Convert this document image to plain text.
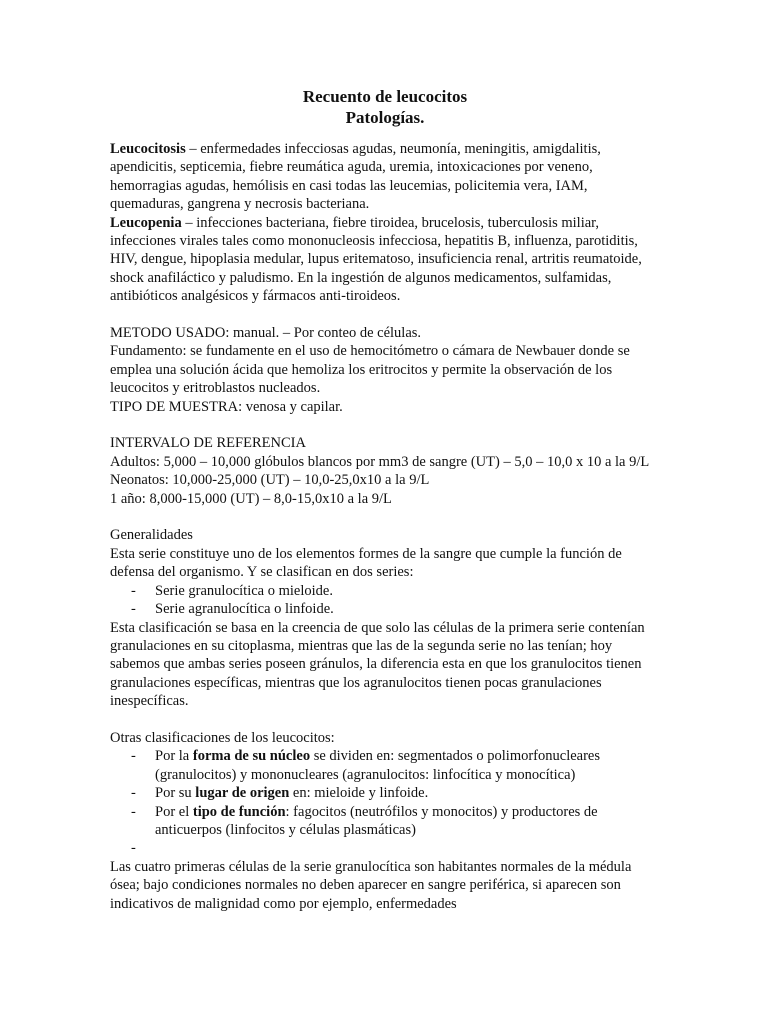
Recuento de leucocitos
Patologías.

Leucocitosis – enfermedades infecciosas agudas, neumonía, meningitis, amigdalitis, apendicitis, septicemia, fiebre reumática aguda, uremia, intoxicaciones por veneno, hemorragias agudas, hemólisis en casi todas las leucemias, policitemia vera, IAM, quemaduras, gangrena y necrosis bacteriana.

Leucopenia – infecciones bacteriana, fiebre tiroidea, brucelosis, tuberculosis miliar, infecciones virales tales como mononucleosis infecciosa, hepatitis B, influenza, parotiditis, HIV, dengue, hipoplasia medular, lupus eritematoso, insuficiencia renal, artritis reumatoide, shock anafiláctico y paludismo. En la ingestión de algunos medicamentos, sulfamidas, antibióticos analgésicos y fármacos anti-tiroideos.

METODO USADO: manual. – Por conteo de células.

Fundamento: se fundamente en el uso de hemocitómetro o cámara de Newbauer donde se emplea una solución ácida que hemoliza los eritrocitos y permite la observación de los leucocitos y eritroblastos nucleados.

TIPO DE MUESTRA: venosa y capilar.

INTERVALO DE REFERENCIA

Adultos: 5,000 – 10,000 glóbulos blancos por mm3 de sangre (UT) – 5,0 – 10,0 x 10 a la 9/L

Neonatos: 10,000-25,000 (UT) – 10,0-25,0x10 a la 9/L

1 año: 8,000-15,000 (UT) – 8,0-15,0x10 a la 9/L

Generalidades

Esta serie constituye uno de los elementos formes de la sangre que cumple la función de defensa del organismo. Y se clasifican en dos series:

- Serie granulocítica o mieloide.
- Serie agranulocítica o linfoide.

Esta clasificación se basa en la creencia de que solo las células de la primera serie contenían granulaciones en su citoplasma, mientras que las de la segunda serie no las tenían; hoy sabemos que ambas series poseen gránulos, la diferencia esta en que los granulocitos tienen granulaciones específicas, mientras que los agranulocitos tienen pocas granulaciones inespecíficas.

Otras clasificaciones de los leucocitos:

- Por la forma de su núcleo se dividen en: segmentados o polimorfonucleares (granulocitos) y mononucleares (agranulocitos: linfocítica y monocítica)
- Por su lugar de origen en: mieloide y linfoide.
- Por el tipo de función: fagocitos (neutrófilos y monocitos) y productores de anticuerpos (linfocitos y células plasmáticas)
-

Las cuatro primeras células de la serie granulocítica son habitantes normales de la médula ósea; bajo condiciones normales no deben aparecer en sangre periférica, si aparecen son indicativos de malignidad como por ejemplo, enfermedades
